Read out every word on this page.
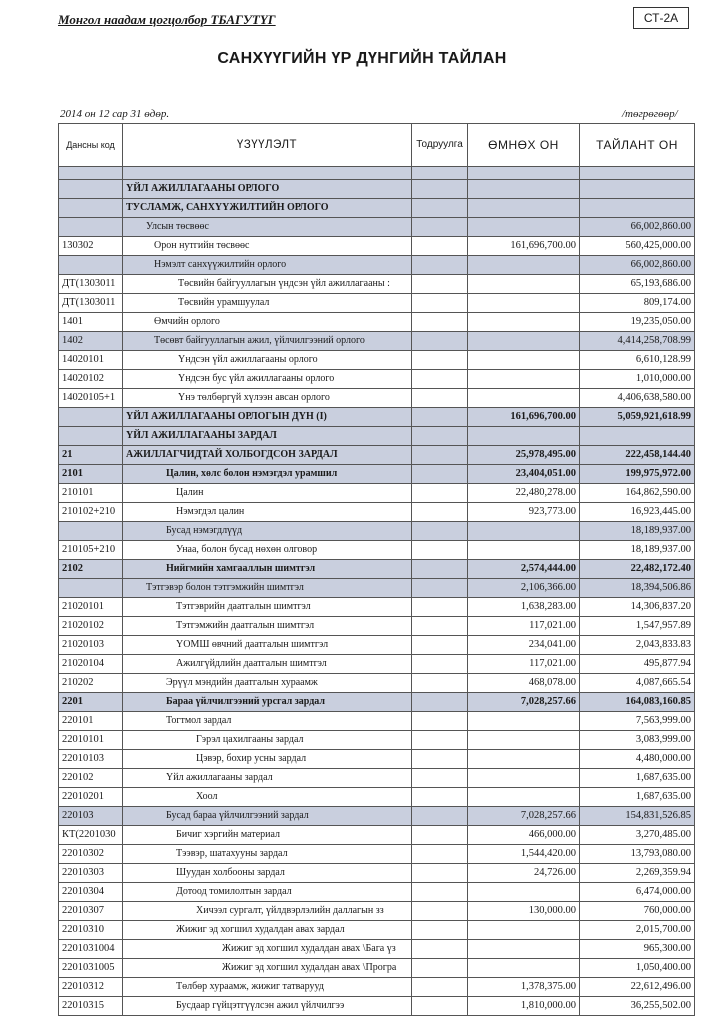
Монгол наадам цогцолбор ТБАГУТҮГ	СТ-2А
САНХҮҮГИЙН ҮР ДҮНГИЙН ТАЙЛАН
2014 он 12 сар 31 өдөр.	/төгрөгөөр/
Дансны код	ҮЗҮҮЛЭЛТ	Тодруулга	ӨМНӨХ ОН	ТАЙЛАНТ ОН

	ҮЙЛ АЖИЛЛАГААНЫ ОРЛОГО			
	ТУСЛАМЖ, САНХҮҮЖИЛТИЙН ОРЛОГО			
	Улсын төсвөөс			66,002,860.00
130302	Орон нутгийн төсвөөс		161,696,700.00	560,425,000.00
	Нэмэлт санхүүжилтийн орлого			66,002,860.00
ДТ(1303011	Төсвийн байгууллагын үндсэн үйл ажиллагааны :			65,193,686.00
ДТ(1303011	Төсвийн урамшуулал			809,174.00
1401	Өмчийн орлого			19,235,050.00
1402	Төсөвт байгууллагын ажил, үйлчилгээний орлого			4,414,258,708.99
14020101	Үндсэн үйл ажиллагааны орлого			6,610,128.99
14020102	Үндсэн бус үйл ажиллагааны орлого			1,010,000.00
14020105+1	Үнэ төлбөргүй хүлээн авсан орлого			4,406,638,580.00
	ҮЙЛ АЖИЛЛАГААНЫ ОРЛОГЫН ДҮН (I)		161,696,700.00	5,059,921,618.99
	ҮЙЛ АЖИЛЛАГААНЫ ЗАРДАЛ			
21	АЖИЛЛАГЧИДТАЙ ХОЛБОГДСОН ЗАРДАЛ		25,978,495.00	222,458,144.40
2101	Цалин, хөлс болон нэмэгдэл урамшил		23,404,051.00	199,975,972.00
210101	Цалин		22,480,278.00	164,862,590.00
210102+210	Нэмэгдэл цалин		923,773.00	16,923,445.00
	Бусад нэмэгдлүүд			18,189,937.00
210105+210	Унаа, болон бусад нөхөн олговор			18,189,937.00
2102	Нийгмийн хамгааллын шимтгэл		2,574,444.00	22,482,172.40
	Тэтгэвэр болон тэтгэмжийн шимтгэл		2,106,366.00	18,394,506.86
21020101	Тэтгэврийн даатгалын шимтгэл		1,638,283.00	14,306,837.20
21020102	Тэтгэмжийн даатгалын шимтгэл		117,021.00	1,547,957.89
21020103	ҮОМШ өвчний даатгалын шимтгэл		234,041.00	2,043,833.83
21020104	Ажилгүйдлийн даатгалын шимтгэл		117,021.00	495,877.94
210202	Эрүүл мэндийн даатгалын хураамж		468,078.00	4,087,665.54
2201	Бараа үйлчилгээний урсгал зардал		7,028,257.66	164,083,160.85
220101	Тогтмол зардал			7,563,999.00
22010101	Гэрэл цахилгааны зардал			3,083,999.00
22010103	Цэвэр, бохир усны зардал			4,480,000.00
220102	Үйл ажиллагааны зардал			1,687,635.00
22010201	Хоол			1,687,635.00
220103	Бусад бараа үйлчилгээний зардал		7,028,257.66	154,831,526.85
КТ(2201030	Бичиг хэргийн материал		466,000.00	3,270,485.00
22010302	Тээвэр, шатахууны зардал		1,544,420.00	13,793,080.00
22010303	Шуудан холбооны зардал		24,726.00	2,269,359.94
22010304	Дотоод томилолтын зардал			6,474,000.00
22010307	Хичээл сургалт, үйлдвэрлэлийн даллагын зз		130,000.00	760,000.00
22010310	Жижиг эд хогшил худалдан авах зардал			2,015,700.00
2201031004	Жижиг эд хогшил худалдан авах \Бага үз			965,300.00
2201031005	Жижиг эд хогшил худалдан авах \Програ			1,050,400.00
22010312	Төлбөр хураамж, жижиг татварууд		1,378,375.00	22,612,496.00
22010315	Бусдаар гүйцэтгүүлсэн ажил үйлчилгээ		1,810,000.00	36,255,502.00
